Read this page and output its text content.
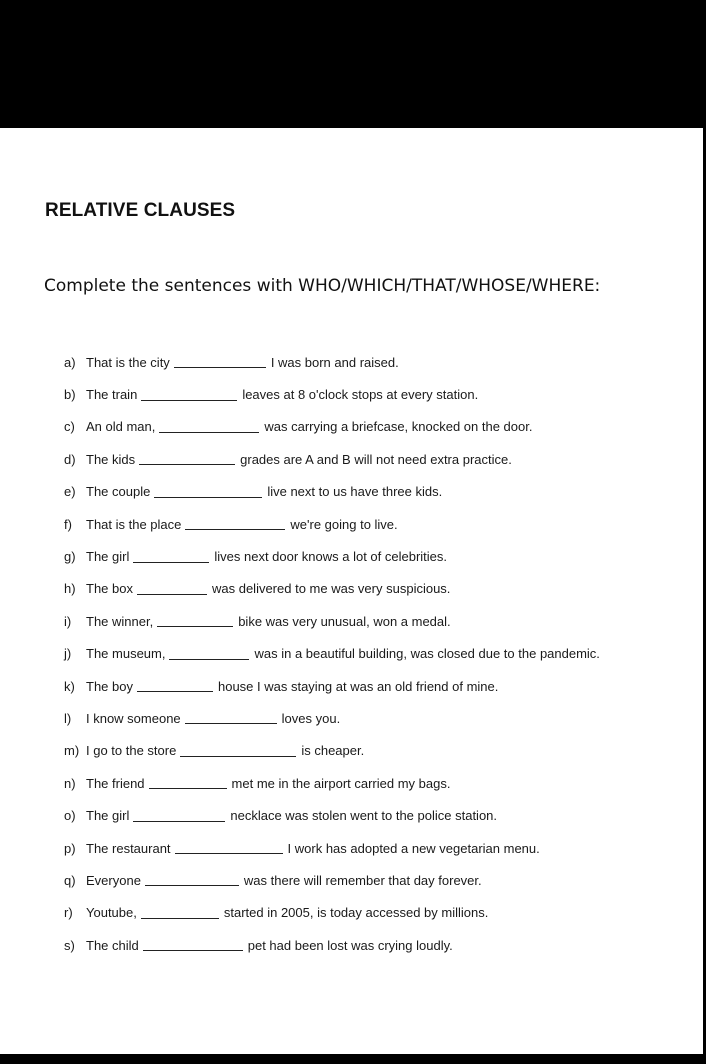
RELATIVE CLAUSES

Complete the sentences with WHO/WHICH/THAT/WHOSE/WHERE:

a) That is the city	I was born and raised.
b) The train	leaves at 8 o'clock stops at every station.
c) An old man,	was carrying a briefcase, knocked on the door.
d) The kids	grades are A and B will not need extra practice.
e) The couple	live next to us have three kids.
f)	That is the place	we're going to live.
g) The girl	lives next door knows a lot of celebrities.
h) The box	was delivered to me was very suspicious.
i)	The winner,	bike was very unusual, won a medal.
j)	The museum,	was in a beautiful building, was closed due to the pandemic.
k) The boy	house I was staying at was an old friend of mine.
l)	I know someone	loves you.
m) I go to the store	is cheaper.
n) The friend	met me in the airport carried my bags.
o) The girl	necklace was stolen went to the police station.
p) The restaurant	I work has adopted a new vegetarian menu.
q) Everyone	was there will remember that day forever.
r)	Youtube,	started in 2005, is today accessed by millions.
s) The child	pet had been lost was crying loudly.
